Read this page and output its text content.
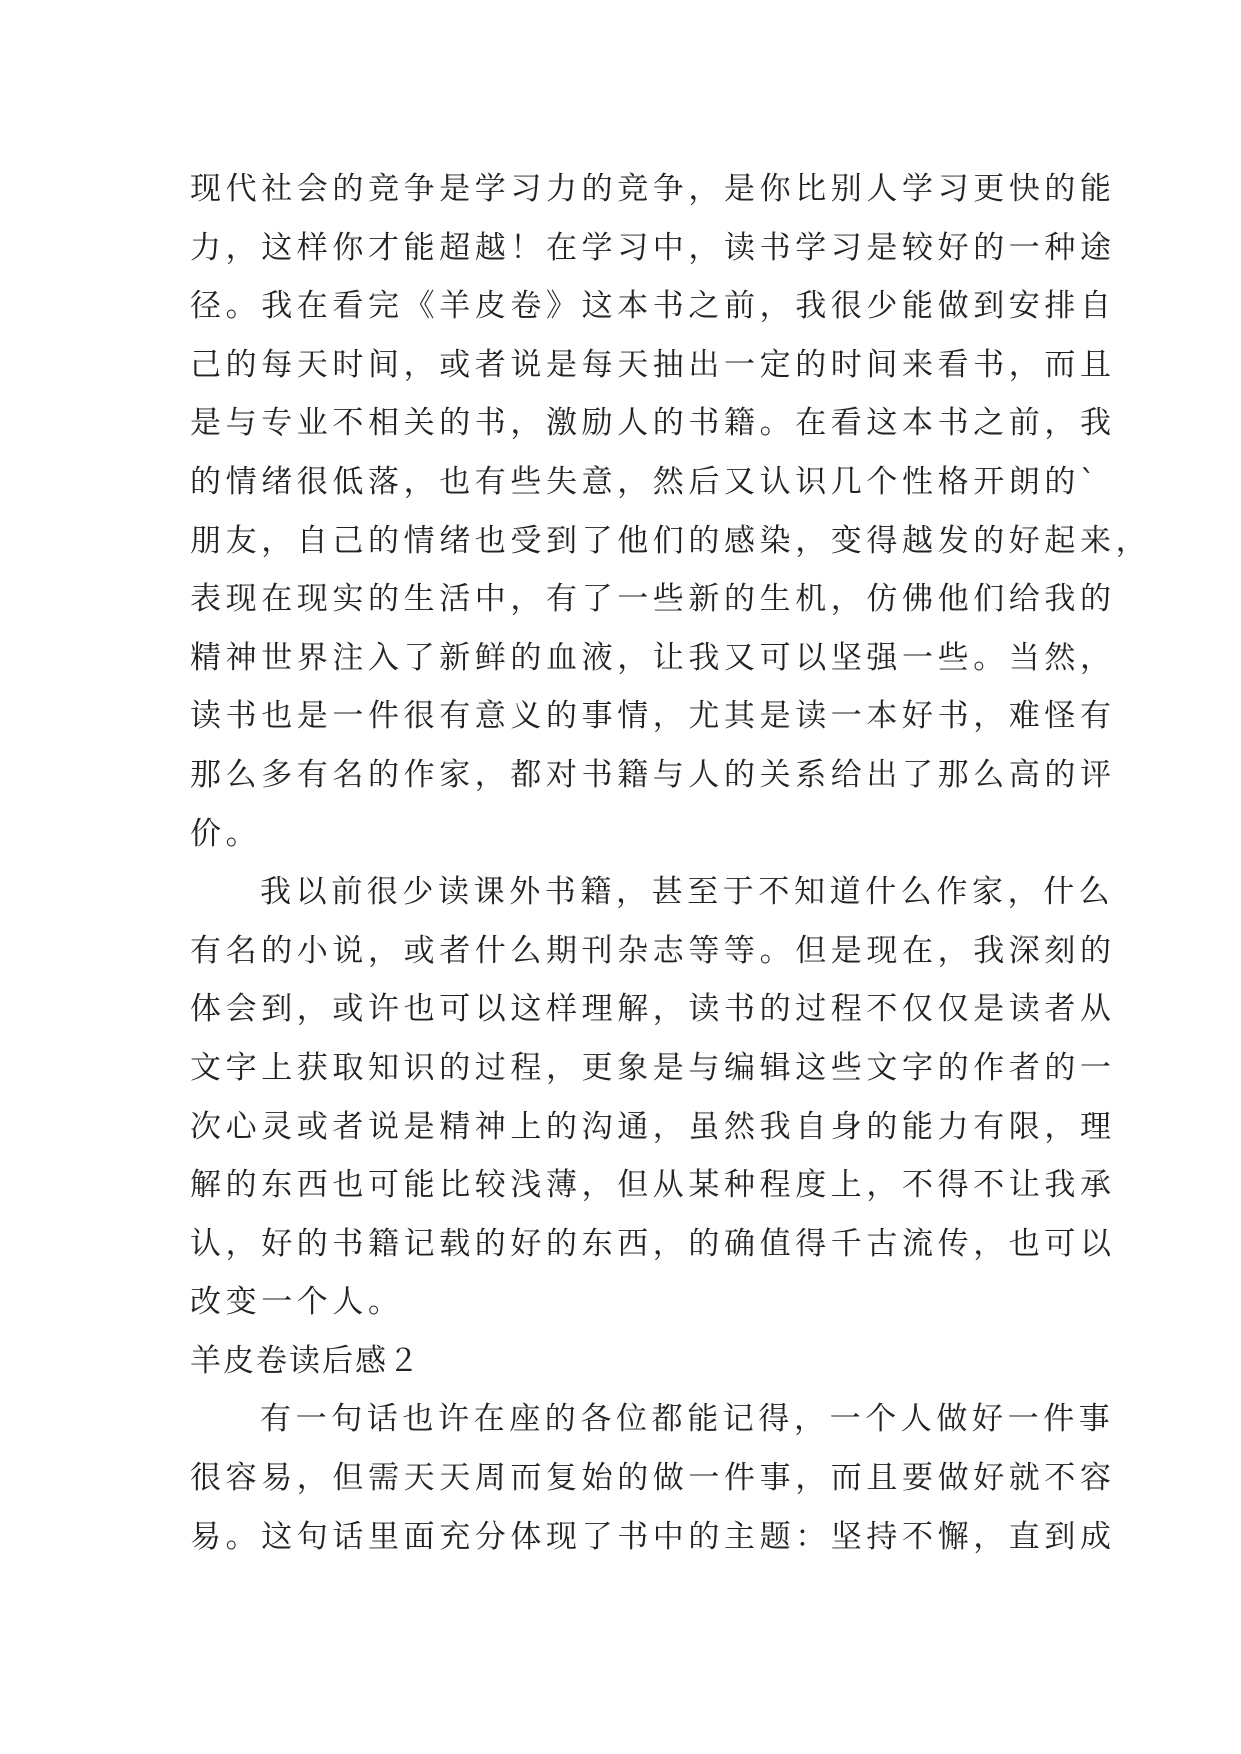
现代社会的竞争是学习力的竞争，是你比别人学习更快的能
力，这样你才能超越！在学习中，读书学习是较好的一种途
径。我在看完《羊皮卷》这本书之前，我很少能做到安排自
己的每天时间，或者说是每天抽出一定的时间来看书，而且
是与专业不相关的书，激励人的书籍。在看这本书之前，我
的情绪很低落，也有些失意，然后又认识几个性格开朗的`
朋友，自己的情绪也受到了他们的感染，变得越发的好起来，
表现在现实的生活中，有了一些新的生机，仿佛他们给我的
精神世界注入了新鲜的血液，让我又可以坚强一些。当然，
读书也是一件很有意义的事情，尤其是读一本好书，难怪有
那么多有名的作家，都对书籍与人的关系给出了那么高的评
价。
我以前很少读课外书籍，甚至于不知道什么作家，什么
有名的小说，或者什么期刊杂志等等。但是现在，我深刻的
体会到，或许也可以这样理解，读书的过程不仅仅是读者从
文字上获取知识的过程，更象是与编辑这些文字的作者的一
次心灵或者说是精神上的沟通，虽然我自身的能力有限，理
解的东西也可能比较浅薄，但从某种程度上，不得不让我承
认，好的书籍记载的好的东西，的确值得千古流传，也可以
改变一个人。
羊皮卷读后感２
有一句话也许在座的各位都能记得，一个人做好一件事
很容易，但需天天周而复始的做一件事，而且要做好就不容
易。这句话里面充分体现了书中的主题：坚持不懈，直到成
